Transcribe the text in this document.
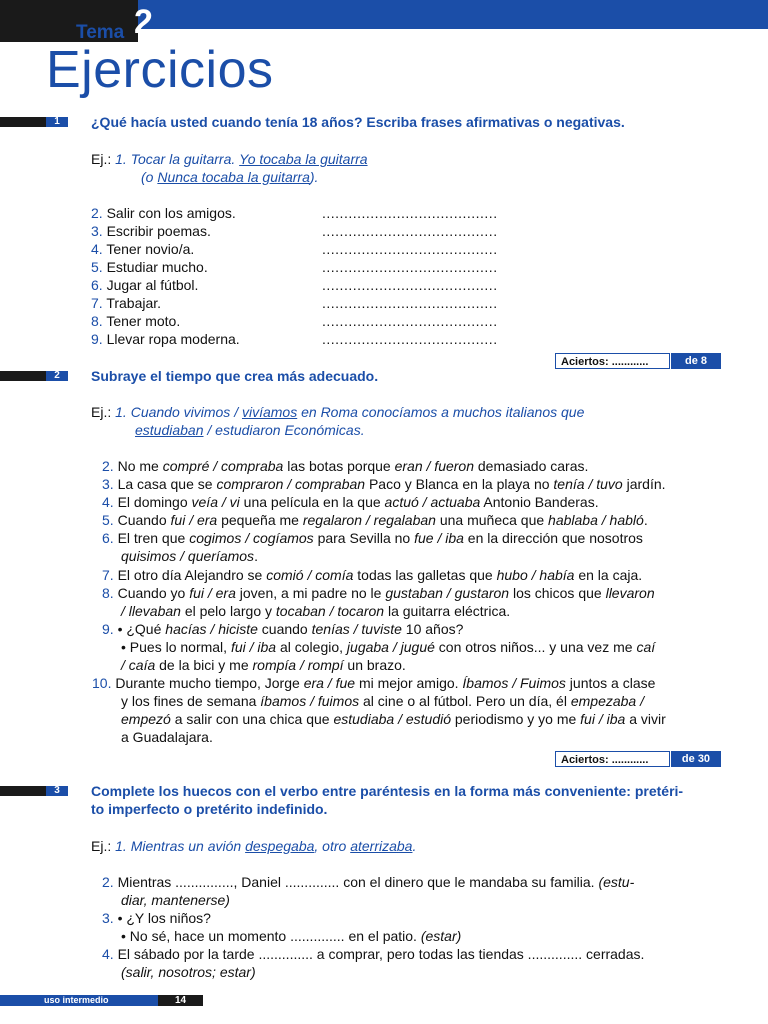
Tema 2
Ejercicios
1	¿Qué hacía usted cuando tenía 18 años? Escriba frases afirmativas o negativas.
Ej.: 1. Tocar la guitarra. Yo tocaba la guitarra
(o Nunca tocaba la guitarra).
2. Salir con los amigos.	........................................
3. Escribir poemas.	........................................
4. Tener novio/a.	........................................
5. Estudiar mucho.	........................................
6. Jugar al fútbol.	........................................
7. Trabajar.	........................................
8. Tener moto.	........................................
9. Llevar ropa moderna.	........................................
Aciertos: ............	de 8
2	Subraye el tiempo que crea más adecuado.
Ej.: 1. Cuando vivimos / vivíamos en Roma conocíamos a muchos italianos que
estudiaban / estudiaron Económicas.
2. No me compré / compraba las botas porque eran / fueron demasiado caras.
3. La casa que se compraron / compraban Paco y Blanca en la playa no tenía / tuvo jardín.
4. El domingo veía / vi una película en la que actuó / actuaba Antonio Banderas.
5. Cuando fui / era pequeña me regalaron / regalaban una muñeca que hablaba / habló.
6. El tren que cogimos / cogíamos para Sevilla no fue / iba en la dirección que nosotros
quisimos / queríamos.
7. El otro día Alejandro se comió / comía todas las galletas que hubo / había en la caja.
8. Cuando yo fui / era joven, a mi padre no le gustaban / gustaron los chicos que llevaron
/ llevaban el pelo largo y tocaban / tocaron la guitarra eléctrica.
9. • ¿Qué hacías / hiciste cuando tenías / tuviste 10 años?
• Pues lo normal, fui / iba al colegio, jugaba / jugué con otros niños... y una vez me caí
/ caía de la bici y me rompía / rompí un brazo.
10. Durante mucho tiempo, Jorge era / fue mi mejor amigo. Íbamos / Fuimos juntos a clase
y los fines de semana íbamos / fuimos al cine o al fútbol. Pero un día, él empezaba /
empezó a salir con una chica que estudiaba / estudió periodismo y yo me fui / iba a vivir
a Guadalajara.
Aciertos: ............	de 30
3	Complete los huecos con el verbo entre paréntesis en la forma más conveniente: pretéri-
to imperfecto o pretérito indefinido.
Ej.: 1. Mientras un avión despegaba, otro aterrizaba.
2. Mientras ..............., Daniel .............. con el dinero que le mandaba su familia. (estu-
diar, mantenerse)
3. • ¿Y los niños?
• No sé, hace un momento .............. en el patio. (estar)
4. El sábado por la tarde .............. a comprar, pero todas las tiendas .............. cerradas.
(salir, nosotros; estar)
uso intermedio	14
